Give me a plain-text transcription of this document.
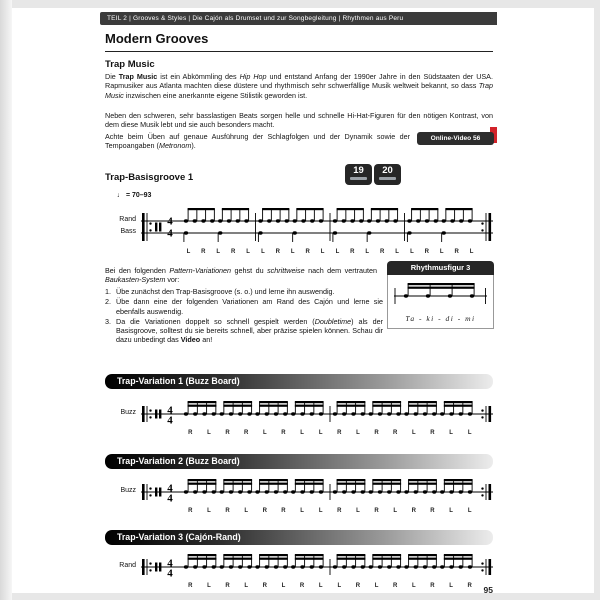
TEIL 2 | Grooves & Styles | Die Cajón als Drumset und zur Songbegleitung | Rhythmen aus Peru
Modern Grooves
Trap Music
Die Trap Music ist ein Abkömmling des Hip Hop und entstand Anfang der 1990er Jahre in den Südstaaten der USA. Rapmusiker aus Atlanta machten diese düstere und rhythmisch sehr schwerfällige Musik weltweit bekannt, so dass Trap Music inzwischen eine anerkannte eigene Stilistik geworden ist.
Neben den schweren, sehr basslastigen Beats sorgen helle und schnelle Hi-Hat-Figuren für den nötigen Kontrast, von dem diese Musik lebt und sie auch besonders macht.
Achte beim Üben auf genaue Ausführung der Schlagfolgen und der Dynamik sowie der Tempoangaben (Metronom).
Online-Video 56
Trap-Basisgroove 1
19	20
♩ = 70–93
Rand
Bass
4
4
L R L R L L R L R L L R L R L L R L R L
Bei den folgenden Pattern-Variationen gehst du schrittweise nach dem vertrauten Baukasten-System vor:
1. Übe zunächst den Trap-Basisgroove (s. o.) und lerne ihn auswendig.
2. Übe dann eine der folgenden Variationen am Rand des Cajón und lerne sie ebenfalls auswendig.
3. Da die Variationen doppelt so schnell gespielt werden (Doubletime) als der Basisgroove, solltest du sie bereits schnell, aber präzise spielen können. Schau dir dazu unbedingt das Video an!
Rhythmusfigur 3
Ta - ki - di - mi
Trap-Variation 1 (Buzz Board)
Buzz	4
4
R L R R L R L L R L R R L R L L
Trap-Variation 2 (Buzz Board)
Buzz	4
4
R L R L R R L L R L R L R R L L
Trap-Variation 3 (Cajón-Rand)
Rand	4
4
R L R L R L R L L R L R L R L R 95
